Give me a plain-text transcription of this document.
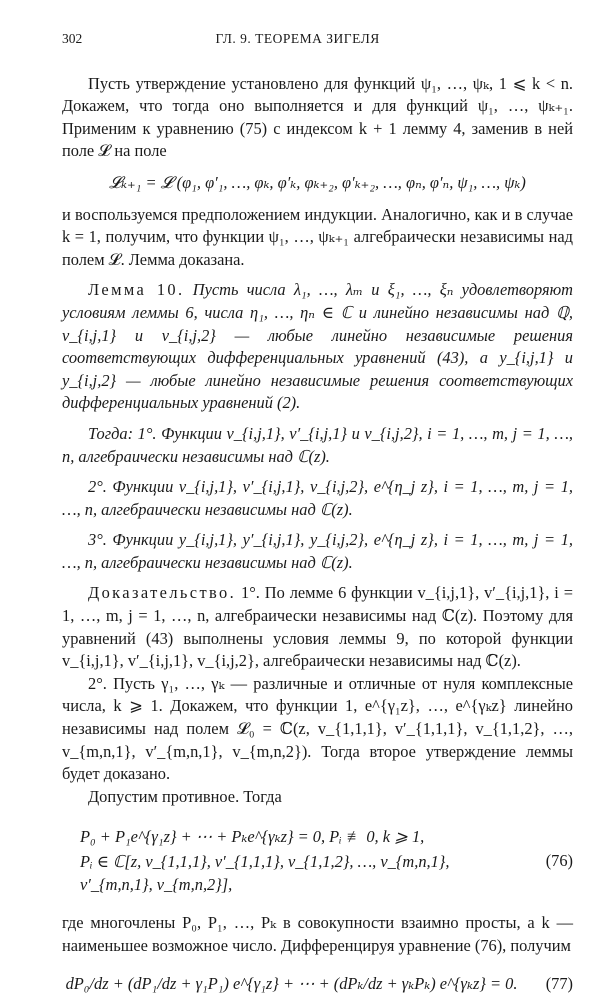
302	ГЛ. 9. ТЕОРЕМА ЗИГЕЛЯ

Пусть утверждение установлено для функций ψ₁, …, ψₖ, 1 ⩽ k < n. Докажем, что тогда оно выполняется и для функций ψ₁, …, ψₖ₊₁. Применим к уравнению (75) с индексом k + 1 лемму 4, заменив в ней поле 𝓛 на поле

𝓛ₖ₊₁ = 𝓛 (φ₁, φ′₁, …, φₖ, φ′ₖ, φₖ₊₂, φ′ₖ₊₂, …, φₙ, φ′ₙ, ψ₁, …, ψₖ)

и воспользуемся предположением индукции. Аналогично, как и в случае k = 1, получим, что функции ψ₁, …, ψₖ₊₁ алгебраически независимы над полем 𝓛. Лемма доказана.

Лемма 10. Пусть числа λ₁, …, λₘ и ξ₁, …, ξₙ удовлетворяют условиям леммы 6, числа η₁, …, ηₙ ∈ ℂ и линейно независимы над ℚ, v_{i,j,1} и v_{i,j,2} — любые линейно независимые решения соответствующих дифференциальных уравнений (43), а y_{i,j,1} и y_{i,j,2} — любые линейно независимые решения соответствующих дифференциальных уравнений (2).

Тогда: 1°. Функции v_{i,j,1}, v′_{i,j,1} и v_{i,j,2}, i = 1, …, m, j = 1, …, n, алгебраически независимы над ℂ(z).

2°. Функции v_{i,j,1}, v′_{i,j,1}, v_{i,j,2}, e^{η_j z}, i = 1, …, m, j = 1, …, n, алгебраически независимы над ℂ(z).

3°. Функции y_{i,j,1}, y′_{i,j,1}, y_{i,j,2}, e^{η_j z}, i = 1, …, m, j = 1, …, n, алгебраически независимы над ℂ(z).

Доказательство. 1°. По лемме 6 функции v_{i,j,1}, v′_{i,j,1}, i = 1, …, m, j = 1, …, n, алгебраически независимы над ℂ(z). Поэтому для уравнений (43) выполнены условия леммы 9, по которой функции v_{i,j,1}, v′_{i,j,1}, v_{i,j,2}, алгебраически независимы над ℂ(z).

2°. Пусть γ₁, …, γₖ — различные и отличные от нуля комплексные числа, k ⩾ 1. Докажем, что функции 1, e^{γ₁z}, …, e^{γₖz} линейно независимы над полем 𝓛₀ = ℂ(z, v_{1,1,1}, v′_{1,1,1}, v_{1,1,2}, …, v_{m,n,1}, v′_{m,n,1}, v_{m,n,2}). Тогда второе утверждение леммы будет доказано.

Допустим противное. Тогда

P₀ + P₁e^{γ₁z} + ⋯ + Pₖe^{γₖz} = 0, Pᵢ ≢ 0, k ⩾ 1,
Pᵢ ∈ ℂ[z, v_{1,1,1}, v′_{1,1,1}, v_{1,1,2}, …, v_{m,n,1}, v′_{m,n,1}, v_{m,n,2}],
(76)

где многочлены P₀, P₁, …, Pₖ в совокупности взаимно просты, а k — наименьшее возможное число. Дифференцируя уравнение (76), получим

dP₀/dz + (dP₁/dz + γ₁P₁) e^{γ₁z} + ⋯ + (dPₖ/dz + γₖPₖ) e^{γₖz} = 0.	(77)
